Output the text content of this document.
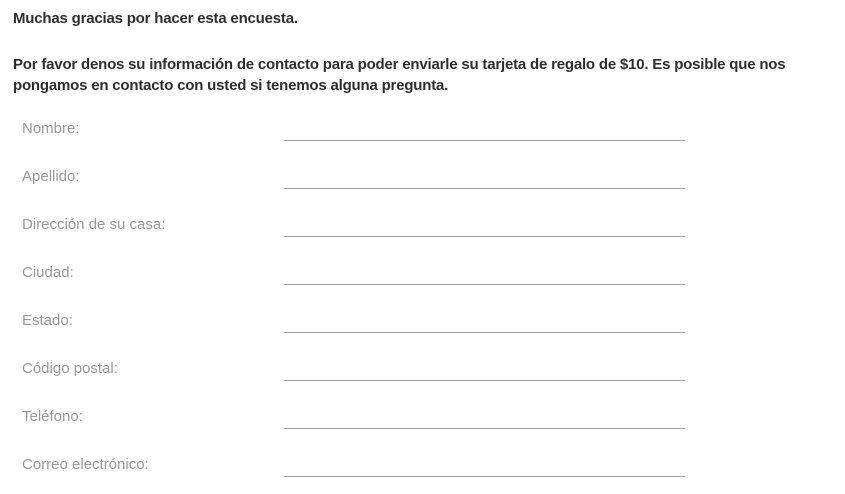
Muchas gracias por hacer esta encuesta.

Por favor denos su información de contacto para poder enviarle su tarjeta de regalo de $10. Es posible que nos pongamos en contacto con usted si tenemos alguna pregunta.

Nombre:
Apellido:
Dirección de su casa:
Ciudad:
Estado:
Código postal:
Teléfono:
Correo electrónico:
